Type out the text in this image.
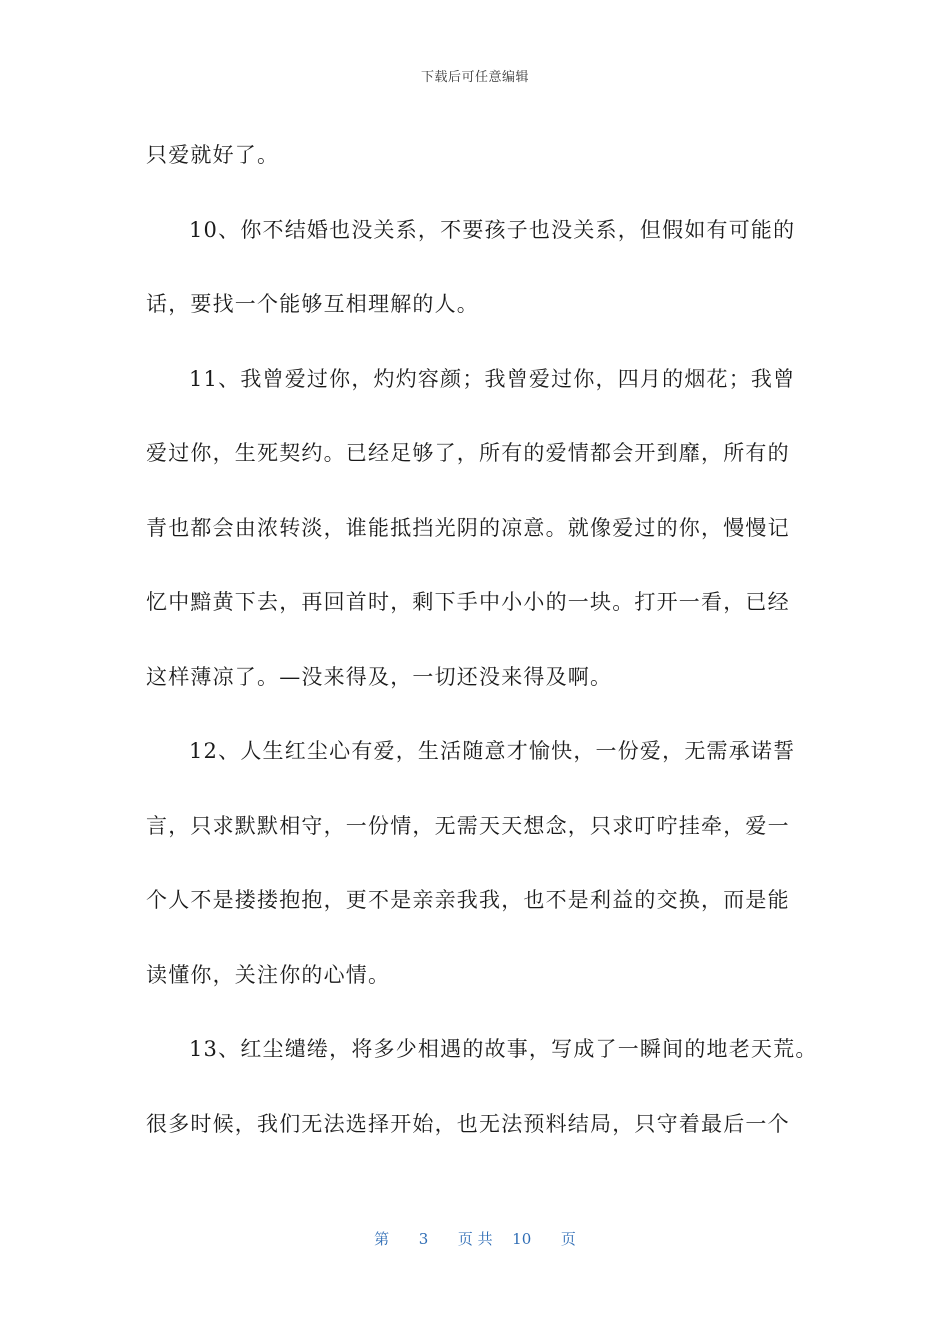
下载后可任意编辑
只爱就好了。
10、你不结婚也没关系，不要孩子也没关系，但假如有可能的
话，要找一个能够互相理解的人。
11、我曾爱过你，灼灼容颜；我曾爱过你，四月的烟花；我曾
爱过你，生死契约。已经足够了，所有的爱情都会开到靡，所有的
青也都会由浓转淡，谁能抵挡光阴的凉意。就像爱过的你，慢慢记
忆中黯黄下去，再回首时，剩下手中小小的一块。打开一看，已经
这样薄凉了。—没来得及，一切还没来得及啊。
12、人生红尘心有爱，生活随意才愉快，一份爱，无需承诺誓
言，只求默默相守，一份情，无需天天想念，只求叮咛挂牵，爱一
个人不是搂搂抱抱，更不是亲亲我我，也不是利益的交换，而是能
读懂你，关注你的心情。
13、红尘缱绻，将多少相遇的故事，写成了一瞬间的地老天荒。
很多时候，我们无法选择开始，也无法预料结局，只守着最后一个
第 3 页 共 10 页
